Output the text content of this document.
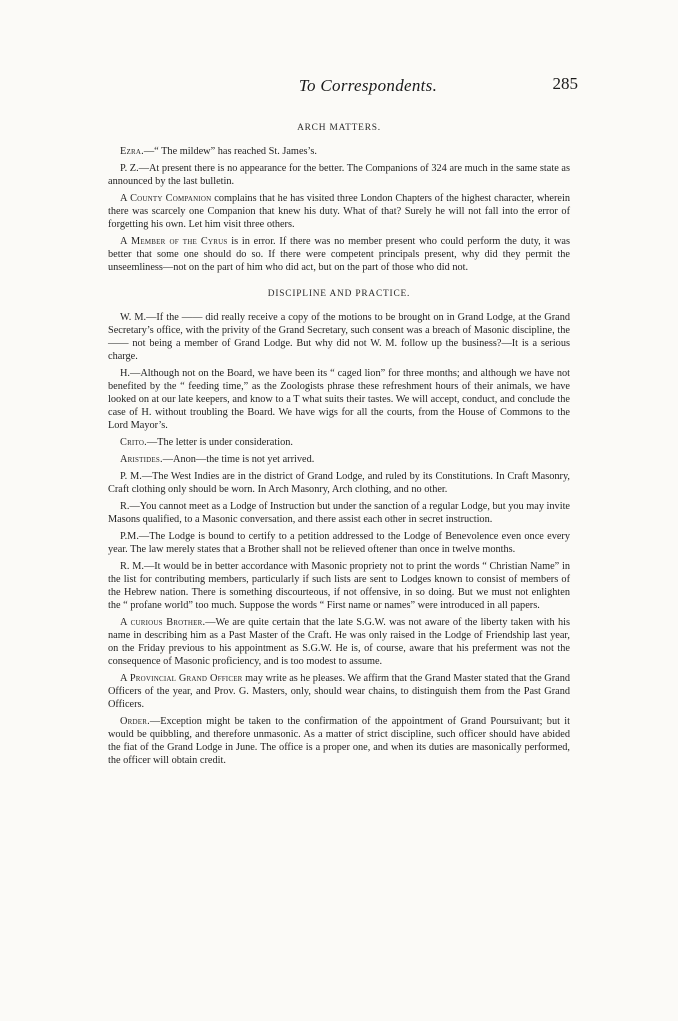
To Correspondents.	285
ARCH MATTERS.

Ezra.—“ The mildew” has reached St. James’s.

P. Z.—At present there is no appearance for the better. The Companions of 324 are much in the same state as announced by the last bulletin.

A County Companion complains that he has visited three London Chapters of the highest character, wherein there was scarcely one Companion that knew his duty. What of that? Surely he will not fall into the error of forgetting his own. Let him visit three others.

A Member of the Cyrus is in error. If there was no member present who could perform the duty, it was better that some one should do so. If there were competent principals present, why did they permit the unseemliness—not on the part of him who did act, but on the part of those who did not.

DISCIPLINE AND PRACTICE.

W. M.—If the —— did really receive a copy of the motions to be brought on in Grand Lodge, at the Grand Secretary’s office, with the privity of the Grand Secretary, such consent was a breach of Masonic discipline, the —— not being a member of Grand Lodge. But why did not W. M. follow up the business?—It is a serious charge.

H.—Although not on the Board, we have been its “ caged lion” for three months; and although we have not benefited by the “ feeding time,” as the Zoologists phrase these refreshment hours of their animals, we have looked on at our late keepers, and know to a T what suits their tastes. We will accept, conduct, and conclude the case of H. without troubling the Board. We have wigs for all the courts, from the House of Commons to the Lord Mayor’s.

Crito.—The letter is under consideration.

Aristides.—Anon—the time is not yet arrived.

P. M.—The West Indies are in the district of Grand Lodge, and ruled by its Constitutions. In Craft Masonry, Craft clothing only should be worn. In Arch Masonry, Arch clothing, and no other.

R.—You cannot meet as a Lodge of Instruction but under the sanction of a regular Lodge, but you may invite Masons qualified, to a Masonic conversation, and there assist each other in secret instruction.

P.M.—The Lodge is bound to certify to a petition addressed to the Lodge of Benevolence even once every year. The law merely states that a Brother shall not be relieved oftener than once in twelve months.

R. M.—It would be in better accordance with Masonic propriety not to print the words “ Christian Name” in the list for contributing members, particularly if such lists are sent to Lodges known to consist of members of the Hebrew nation. There is something discourteous, if not offensive, in so doing. But we must not enlighten the “ profane world” too much. Suppose the words “ First name or names” were introduced in all papers.

A curious Brother.—We are quite certain that the late S.G.W. was not aware of the liberty taken with his name in describing him as a Past Master of the Craft. He was only raised in the Lodge of Friendship last year, on the Friday previous to his appointment as S.G.W. He is, of course, aware that his preferment was not the consequence of Masonic proficiency, and is too modest to assume.

A Provincial Grand Officer may write as he pleases. We affirm that the Grand Master stated that the Grand Officers of the year, and Prov. G. Masters, only, should wear chains, to distinguish them from the Past Grand Officers.

Order.—Exception might be taken to the confirmation of the appointment of Grand Poursuivant; but it would be quibbling, and therefore unmasonic. As a matter of strict discipline, such officer should have abided the fiat of the Grand Lodge in June. The office is a proper one, and when its duties are masonically performed, the officer will obtain credit.
